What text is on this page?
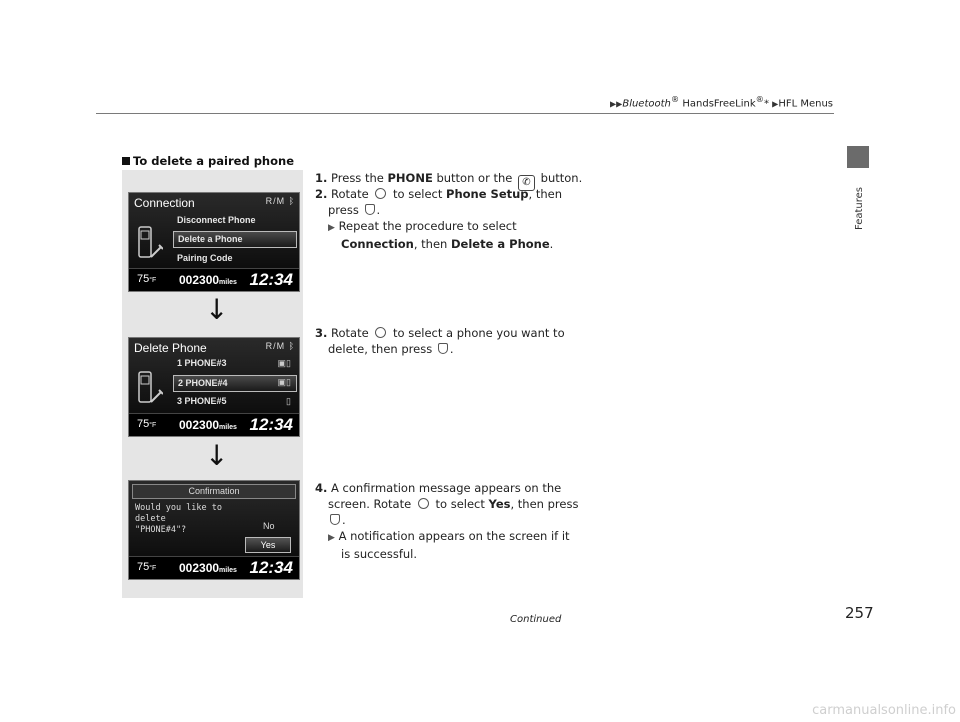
▶▶Bluetooth® HandsFreeLink®* ▶HFL Menus
Features
To delete a paired phone
Connection	R/M ᛒ
Disconnect Phone
Delete a Phone
Pairing Code
75°F 002300miles 12:34
↓
Delete Phone	R/M ᛒ
1 PHONE#3	▣▯
2 PHONE#4	▣▯
3 PHONE#5	▯
75°F 002300miles 12:34
↓
Confirmation
Would you like to
delete
"PHONE#4"?	No
Yes
75°F 002300miles 12:34
1. Press the PHONE button or the ✆ button.
2. Rotate to select Phone Setup, then
press .
▶ Repeat the procedure to select
Connection, then Delete a Phone.
3. Rotate to select a phone you want to
delete, then press .
4. A confirmation message appears on the
screen. Rotate to select Yes, then press
.
▶ A notification appears on the screen if it
is successful.
Continued	257
carmanualsonline.info
